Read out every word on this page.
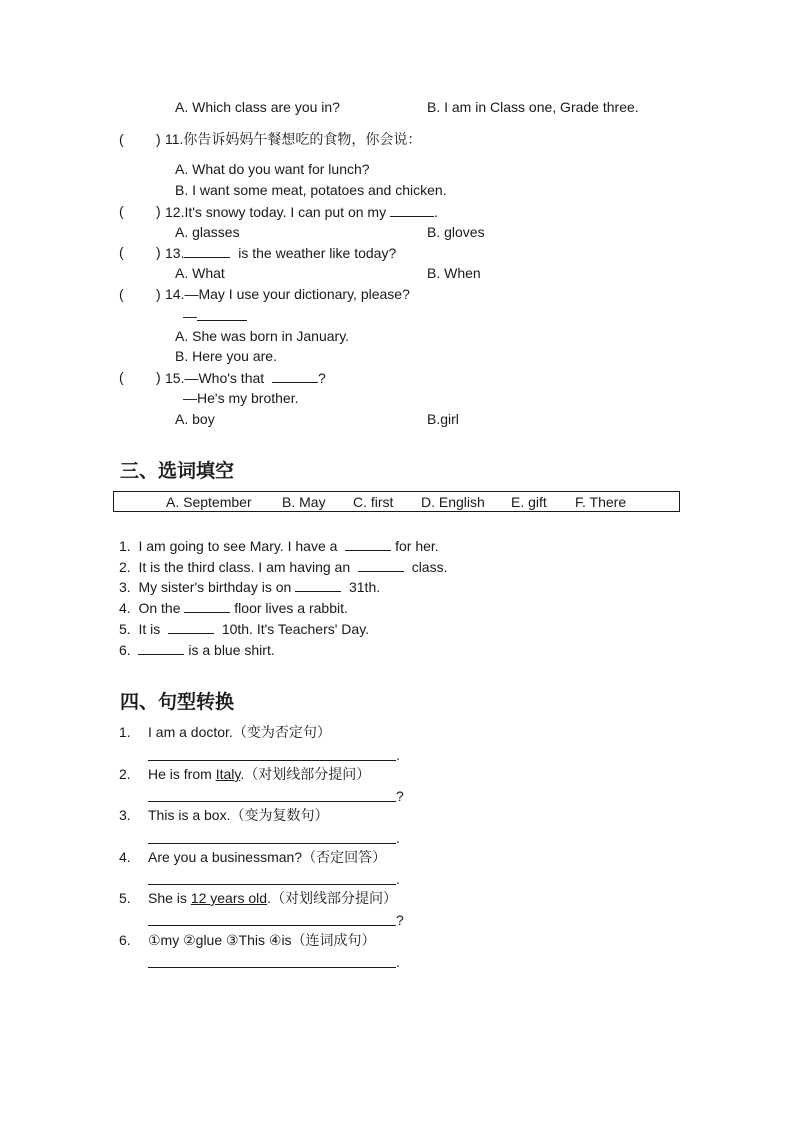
A. Which class are you in?	B. I am in Class one, Grade three.
( ) 11.你告诉妈妈午餐想吃的食物，你会说：
A. What do you want for lunch?
B. I want some meat, potatoes and chicken.
( ) 12.It's snowy today. I can put on my	.
A. glasses	B. gloves
( ) 13.	is the weather like today?
A. What	B. When
( ) 14.—May I use your dictionary, please?
—
A. She was born in January.
B. Here you are.
( ) 15.—Who's that	?
—He's my brother.
A. boy	B.girl
三、选词填空
A. September B. May C. first D. English E. gift F. There
1. I am going to see Mary. I have a	for her.
2. It is the third class. I am having an	class.
3. My sister's birthday is on	31th.
4. On the	floor lives a rabbit.
5. It is	10th. It's Teachers' Day.
6.	is a blue shirt.
四、句型转换
1. I am a doctor.（变为否定句）
.
2. He is from Italy.（对划线部分提问）
?
3. This is a box.（变为复数句）
.
4. Are you a businessman?（否定回答）
.
5. She is 12 years old.（对划线部分提问）
?
6. ①my ②glue ③This ④is（连词成句）
.
